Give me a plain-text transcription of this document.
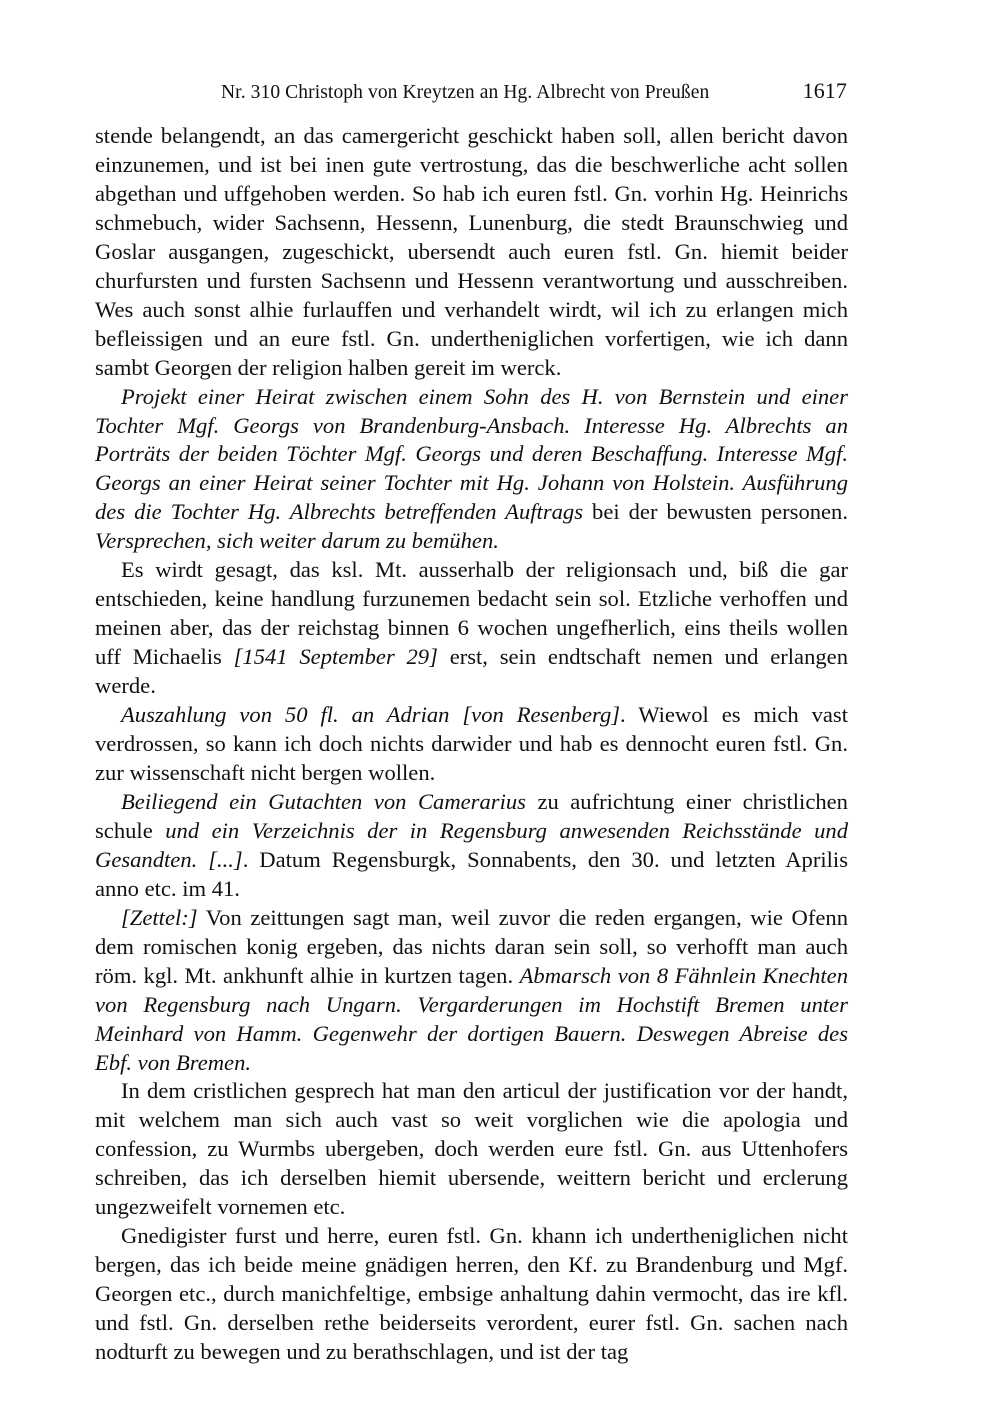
Nr. 310 Christoph von Kreytzen an Hg. Albrecht von Preußen	1617

stende belangendt, an das camergericht geschickt haben soll, allen bericht davon einzunemen, und ist bei inen gute vertrostung, das die beschwerliche acht sollen abgethan und uffgehoben werden. So hab ich euren fstl. Gn. vorhin Hg. Heinrichs schmebuch, wider Sachsenn, Hessenn, Lunenburg, die stedt Braunschwieg und Goslar ausgangen, zugeschickt, ubersendt auch euren fstl. Gn. hiemit beider churfursten und fursten Sachsenn und Hessenn verantwortung und ausschreiben. Wes auch sonst alhie furlauffen und verhandelt wirdt, wil ich zu erlangen mich befleissigen und an eure fstl. Gn. undertheniglichen vorfertigen, wie ich dann sambt Georgen der religion halben gereit im werck.

Projekt einer Heirat zwischen einem Sohn des H. von Bernstein und einer Tochter Mgf. Georgs von Brandenburg-Ansbach. Interesse Hg. Albrechts an Porträts der beiden Töchter Mgf. Georgs und deren Beschaffung. Interesse Mgf. Georgs an einer Heirat seiner Tochter mit Hg. Johann von Holstein. Ausführung des die Tochter Hg. Albrechts betreffenden Auftrags bei der bewusten personen. Versprechen, sich weiter darum zu bemühen.

Es wirdt gesagt, das ksl. Mt. ausserhalb der religionsach und, biß die gar entschieden, keine handlung furzunemen bedacht sein sol. Etzliche verhoffen und meinen aber, das der reichstag binnen 6 wochen ungefherlich, eins theils wollen uff Michaelis [1541 September 29] erst, sein endtschaft nemen und erlangen werde.

Auszahlung von 50 fl. an Adrian [von Resenberg]. Wiewol es mich vast verdrossen, so kann ich doch nichts darwider und hab es dennocht euren fstl. Gn. zur wissenschaft nicht bergen wollen.

Beiliegend ein Gutachten von Camerarius zu aufrichtung einer christlichen schule und ein Verzeichnis der in Regensburg anwesenden Reichsstände und Gesandten. [...]. Datum Regensburgk, Sonnabents, den 30. und letzten Aprilis anno etc. im 41.

[Zettel:] Von zeittungen sagt man, weil zuvor die reden ergangen, wie Ofenn dem romischen konig ergeben, das nichts daran sein soll, so verhofft man auch röm. kgl. Mt. ankhunft alhie in kurtzen tagen. Abmarsch von 8 Fähnlein Knechten von Regensburg nach Ungarn. Vergarderungen im Hochstift Bremen unter Meinhard von Hamm. Gegenwehr der dortigen Bauern. Deswegen Abreise des Ebf. von Bremen.

In dem cristlichen gesprech hat man den articul der justification vor der handt, mit welchem man sich auch vast so weit vorglichen wie die apologia und confession, zu Wurmbs ubergeben, doch werden eure fstl. Gn. aus Uttenhofers schreiben, das ich derselben hiemit ubersende, weittern bericht und erclerung ungezweifelt vornemen etc.

Gnedigister furst und herre, euren fstl. Gn. khann ich undertheniglichen nicht bergen, das ich beide meine gnädigen herren, den Kf. zu Brandenburg und Mgf. Georgen etc., durch manichfeltige, embsige anhaltung dahin vermocht, das ire kfl. und fstl. Gn. derselben rethe beiderseits verordent, eurer fstl. Gn. sachen nach nodturft zu bewegen und zu berathschlagen, und ist der tag
